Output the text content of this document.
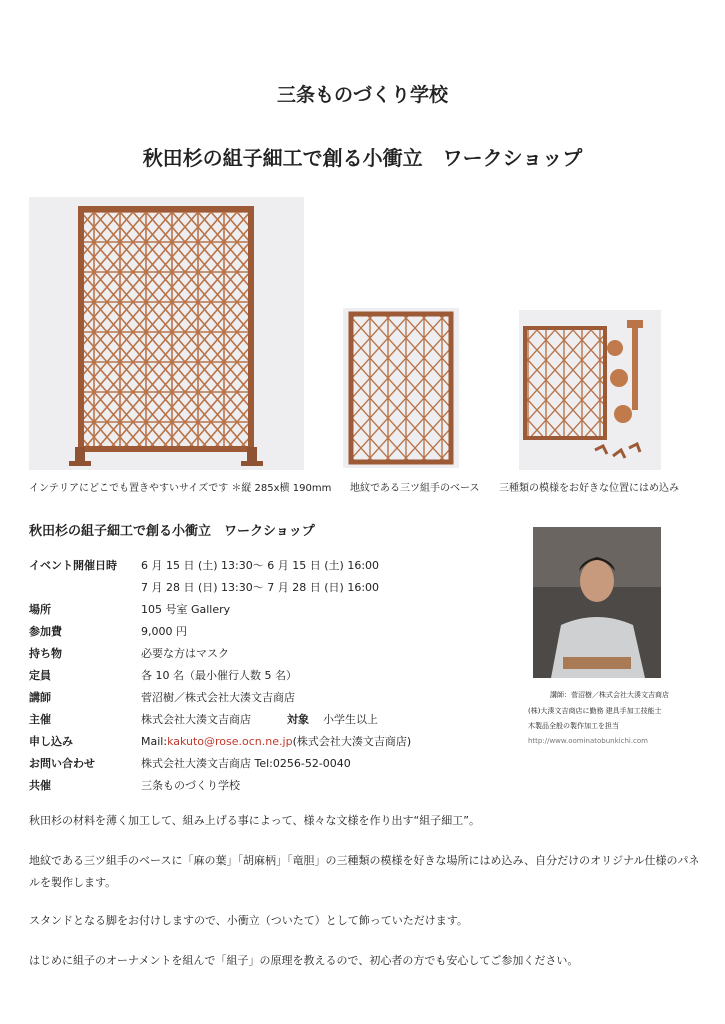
三条ものづくり学校
秋田杉の組子細工で創る小衝立　ワークショップ
インテリアにどこでも置きやすいサイズです ＊縦 285x横 190mm 地紋である三ツ組手のベース 三種類の模様をお好きな位置にはめ込み
秋田杉の組子細工で創る小衝立　ワークショップ
イベント開催日時 6 月 15 日 (土) 13:30～ 6 月 15 日 (土) 16:00
7 月 28 日 (日) 13:30～ 7 月 28 日 (日) 16:00
場所	105 号室 Gallery
参加費	9,000 円
持ち物	必要な方はマスク
定員	各 10 名（最小催行人数 5 名）
講師	菅沼樹／株式会社大湊文吉商店
主催	株式会社大湊文吉商店	対象 小学生以上
申し込み	Mail:kakuto@rose.ocn.ne.jp(株式会社大湊文吉商店)
お問い合わせ	株式会社大湊文吉商店 Tel:0256-52-0040
共催	三条ものづくり学校
講師：菅沼樹／株式会社大湊文吉商店
(株)大湊文吉商店に勤務 建具手加工技能士
木製品全般の製作加工を担当
http://www.oominatobunkichi.com
秋田杉の材料を薄く加工して、組み上げる事によって、様々な文様を作り出す“組子細工”。
地紋である三ツ組手のベースに「麻の葉」「胡麻柄」「竜胆」の三種類の模様を好きな場所にはめ込み、自分だけのオリジナル仕様のパネルを製作します。
スタンドとなる脚をお付けしますので、小衝立（ついたて）として飾っていただけます。
はじめに組子のオーナメントを組んで「組子」の原理を教えるので、初心者の方でも安心してご参加ください。
